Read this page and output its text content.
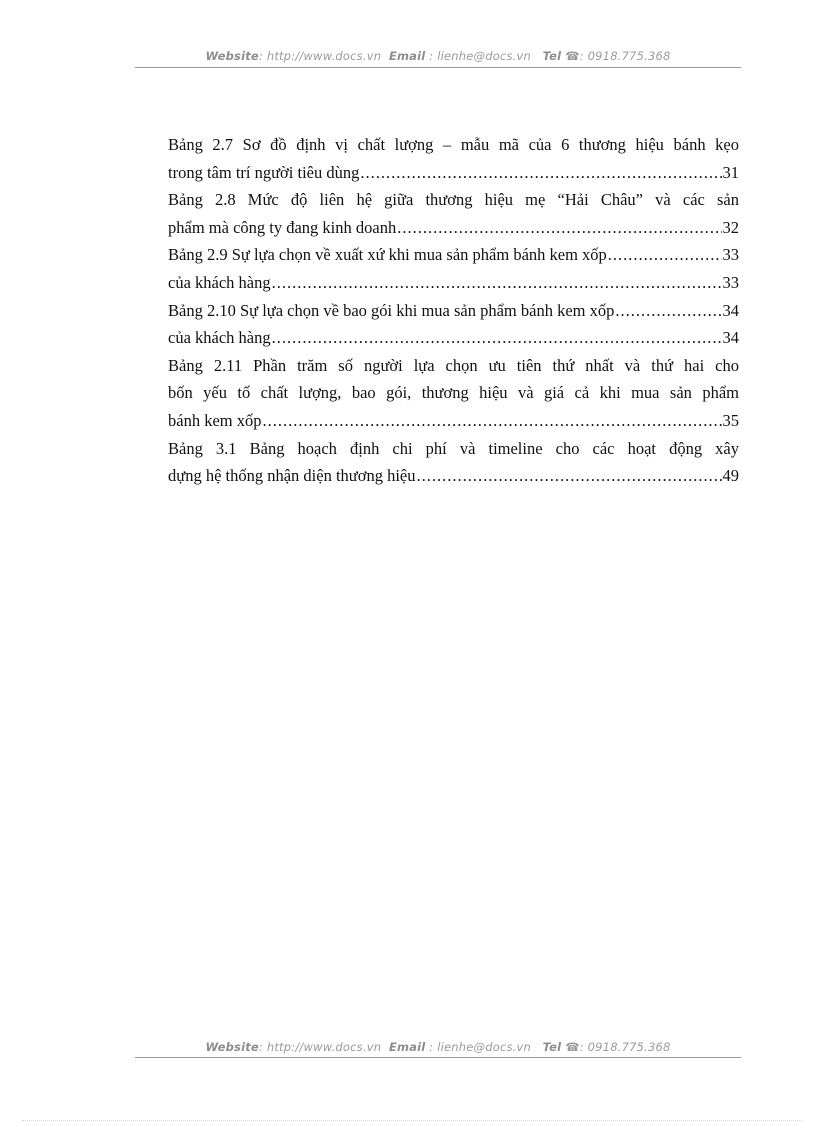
Website: http://www.docs.vn Email : lienhe@docs.vn Tel ☎: 0918.775.368
Bảng 2.7 Sơ đồ định vị chất lượng – mẫu mã của 6 thương hiệu bánh kẹo
trong tâm trí người tiêu dùng .....	31
Bảng 2.8 Mức độ liên hệ giữa thương hiệu mẹ “Hải Châu” và các sản
phẩm mà công ty đang kinh doanh .....	32
Bảng 2.9 Sự lựa chọn về xuất xứ khi mua sản phẩm bánh kem xốp .....	33
của khách hàng .....	33
Bảng 2.10 Sự lựa chọn về bao gói khi mua sản phẩm bánh kem xốp .....	34
của khách hàng .....	34
Bảng 2.11 Phần trăm số người lựa chọn ưu tiên thứ nhất và thứ hai cho
bốn yếu tố chất lượng, bao gói, thương hiệu và giá cả khi mua sản phẩm
bánh kem xốp .....	35
Bảng 3.1 Bảng hoạch định chi phí và timeline cho các hoạt động xây
dựng hệ thống nhận diện thương hiệu .....	49
Website: http://www.docs.vn Email : lienhe@docs.vn Tel ☎: 0918.775.368
